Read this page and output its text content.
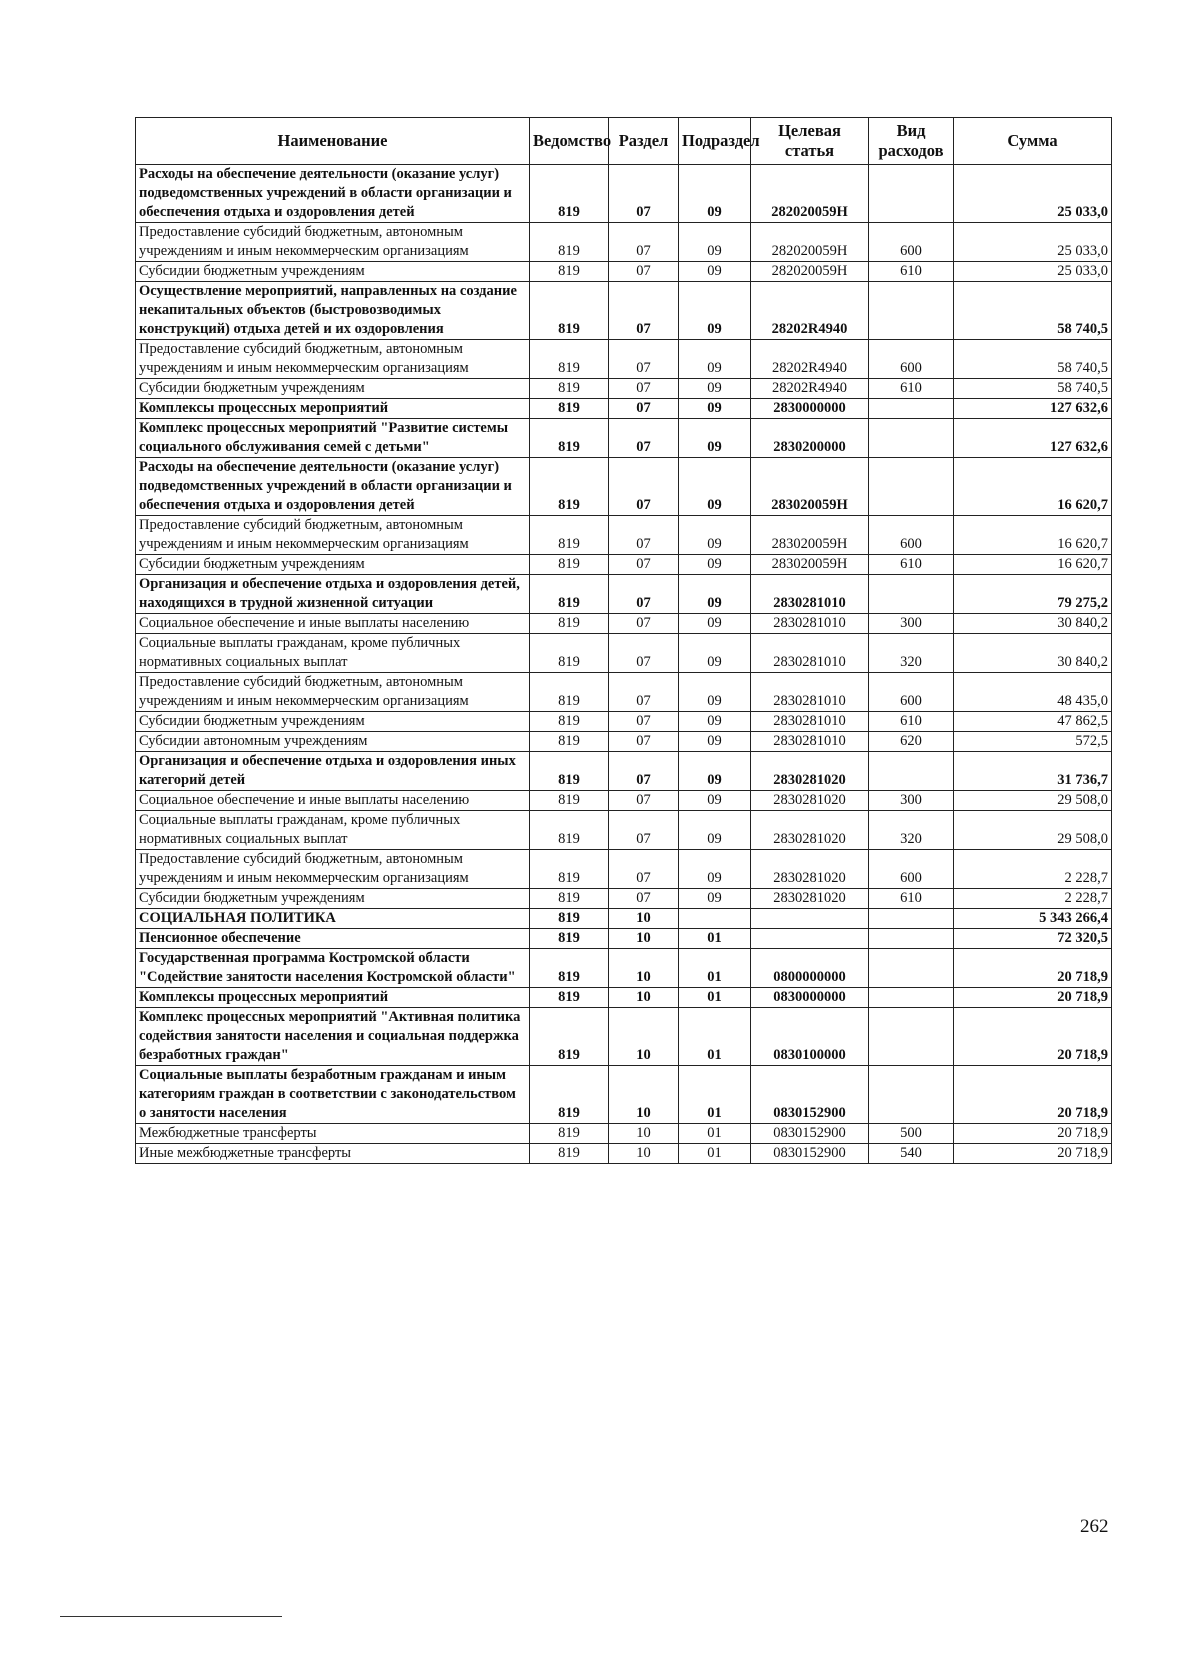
Наименование	Ведомство	Раздел	Подраздел	Целевая статья	Вид расходов	Сумма
Расходы на обеспечение деятельности (оказание услуг) подведомственных учреждений в области организации и обеспечения отдыха и оздоровления детей	819	07	09	282020059Н		25 033,0
Предоставление субсидий бюджетным, автономным учреждениям и иным некоммерческим организациям	819	07	09	282020059Н	600	25 033,0
Субсидии бюджетным учреждениям	819	07	09	282020059Н	610	25 033,0
Осуществление мероприятий, направленных на создание некапитальных объектов (быстровозводимых конструкций) отдыха детей и их оздоровления	819	07	09	28202R4940		58 740,5
Предоставление субсидий бюджетным, автономным учреждениям и иным некоммерческим организациям	819	07	09	28202R4940	600	58 740,5
Субсидии бюджетным учреждениям	819	07	09	28202R4940	610	58 740,5
Комплексы процессных мероприятий	819	07	09	2830000000		127 632,6
Комплекс процессных мероприятий "Развитие системы социального обслуживания семей с детьми"	819	07	09	2830200000		127 632,6
Расходы на обеспечение деятельности (оказание услуг) подведомственных учреждений в области организации и обеспечения отдыха и оздоровления детей	819	07	09	283020059Н		16 620,7
Предоставление субсидий бюджетным, автономным учреждениям и иным некоммерческим организациям	819	07	09	283020059Н	600	16 620,7
Субсидии бюджетным учреждениям	819	07	09	283020059Н	610	16 620,7
Организация и обеспечение отдыха и оздоровления детей, находящихся в трудной жизненной ситуации	819	07	09	2830281010		79 275,2
Социальное обеспечение и иные выплаты населению	819	07	09	2830281010	300	30 840,2
Социальные выплаты гражданам, кроме публичных нормативных социальных выплат	819	07	09	2830281010	320	30 840,2
Предоставление субсидий бюджетным, автономным учреждениям и иным некоммерческим организациям	819	07	09	2830281010	600	48 435,0
Субсидии бюджетным учреждениям	819	07	09	2830281010	610	47 862,5
Субсидии автономным учреждениям	819	07	09	2830281010	620	572,5
Организация и обеспечение отдыха и оздоровления иных категорий детей	819	07	09	2830281020		31 736,7
Социальное обеспечение и иные выплаты населению	819	07	09	2830281020	300	29 508,0
Социальные выплаты гражданам, кроме публичных нормативных социальных выплат	819	07	09	2830281020	320	29 508,0
Предоставление субсидий бюджетным, автономным учреждениям и иным некоммерческим организациям	819	07	09	2830281020	600	2 228,7
Субсидии бюджетным учреждениям	819	07	09	2830281020	610	2 228,7
СОЦИАЛЬНАЯ ПОЛИТИКА	819	10				5 343 266,4
Пенсионное обеспечение	819	10	01			72 320,5
Государственная программа Костромской области "Содействие занятости населения Костромской области"	819	10	01	0800000000		20 718,9
Комплексы процессных мероприятий	819	10	01	0830000000		20 718,9
Комплекс процессных мероприятий "Активная политика содействия занятости населения и социальная поддержка безработных граждан"	819	10	01	0830100000		20 718,9
Социальные выплаты безработным гражданам и иным категориям граждан в соответствии с законодательством о занятости населения	819	10	01	0830152900		20 718,9
Межбюджетные трансферты	819	10	01	0830152900	500	20 718,9
Иные межбюджетные трансферты	819	10	01	0830152900	540	20 718,9
262
